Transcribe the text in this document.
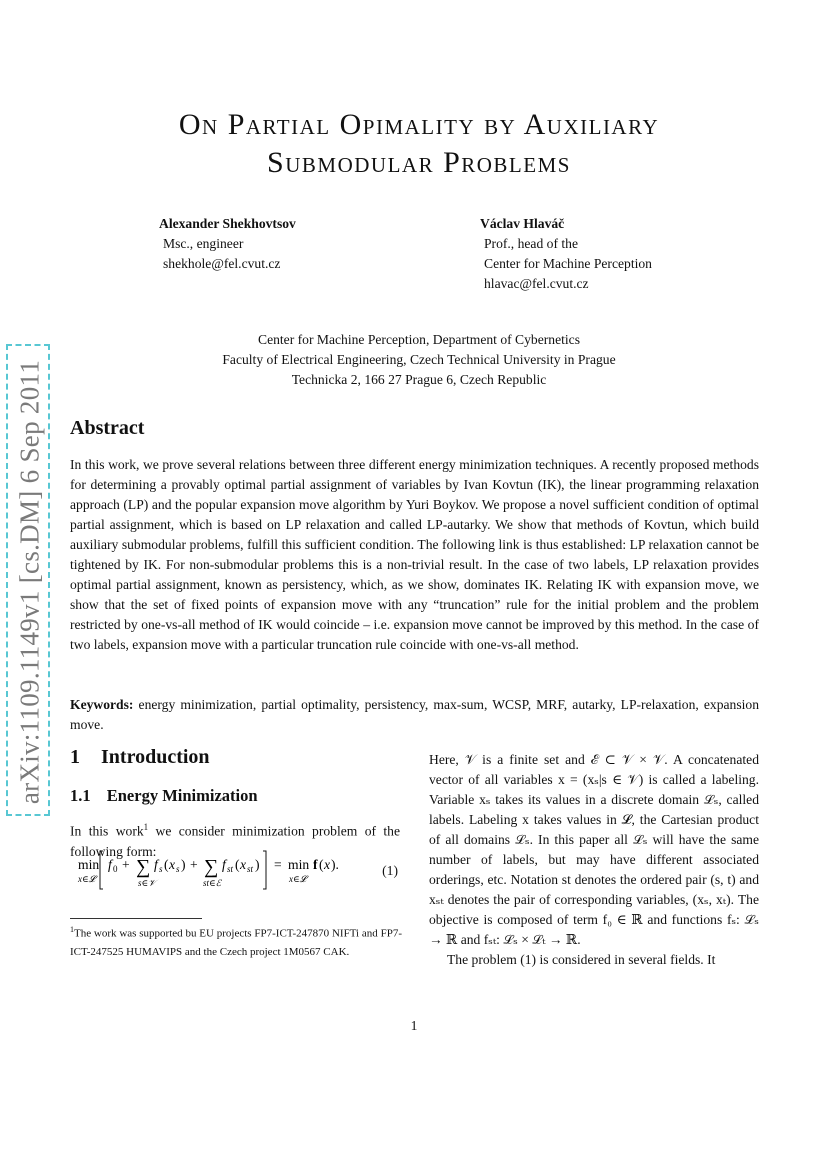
arXiv:1109.1149v1 [cs.DM] 6 Sep 2011
On Partial Opimality by Auxiliary
Submodular Problems
Alexander Shekhovtsov
Msc., engineer
shekhole@fel.cvut.cz
Václav Hlaváč
Prof., head of the
Center for Machine Perception
hlavac@fel.cvut.cz
Center for Machine Perception, Department of Cybernetics
Faculty of Electrical Engineering, Czech Technical University in Prague
Technicka 2, 166 27 Prague 6, Czech Republic
Abstract
In this work, we prove several relations between three different energy minimization techniques. A recently proposed methods for determining a provably optimal partial assignment of variables by Ivan Kovtun (IK), the linear programming relaxation approach (LP) and the popular expansion move algorithm by Yuri Boykov. We propose a novel sufficient condition of optimal partial assignment, which is based on LP relaxation and called LP-autarky. We show that methods of Kovtun, which build auxiliary submodular problems, fulfill this sufficient condition. The following link is thus established: LP relaxation cannot be tightened by IK. For non-submodular problems this is a non-trivial result. In the case of two labels, LP relaxation provides optimal partial assignment, known as persistency, which, as we show, dominates IK. Relating IK with expansion move, we show that the set of fixed points of expansion move with any “truncation” rule for the initial problem and the problem restricted by one-vs-all method of IK would coincide – i.e. expansion move cannot be improved by this method. In the case of two labels, expansion move with a particular truncation rule coincide with one-vs-all method.
Keywords: energy minimization, partial optimality, persistency, max-sum, WCSP, MRF, autarky, LP-relaxation, expansion move.
1 Introduction
1.1 Energy Minimization
In this work$^1$ we consider minimization problem of the following form:
min
x∈𝓛
f 0 + ∑
s∈𝒱
f s ( x s ) + ∑
st∈ℰ
f st ( x st ) = min
x∈𝓛
f ( x ).	(1)
$^1$The work was supported bu EU projects FP7-ICT-247870 NIFTi and FP7-ICT-247525 HUMAVIPS and the Czech project 1M0567 CAK.

Here, 𝒱 is a finite set and ℰ ⊂ 𝒱 × 𝒱. A concatenated vector of all variables x = (xₛ|s ∈ 𝒱) is called a labeling. Variable xₛ takes its values in a discrete domain ℒₛ, called labels. Labeling x takes values in 𝓛, the Cartesian product of all domains ℒₛ. In this paper all ℒₛ will have the same number of labels, but may have different associated orderings, etc. Notation st denotes the ordered pair (s, t) and xₛₜ denotes the pair of corresponding variables, (xₛ, xₜ). The objective is composed of term f₀ ∈ ℝ and functions fₛ: ℒₛ → ℝ and fₛₜ: ℒₛ × ℒₜ → ℝ.

The problem (1) is considered in several fields. It

1
